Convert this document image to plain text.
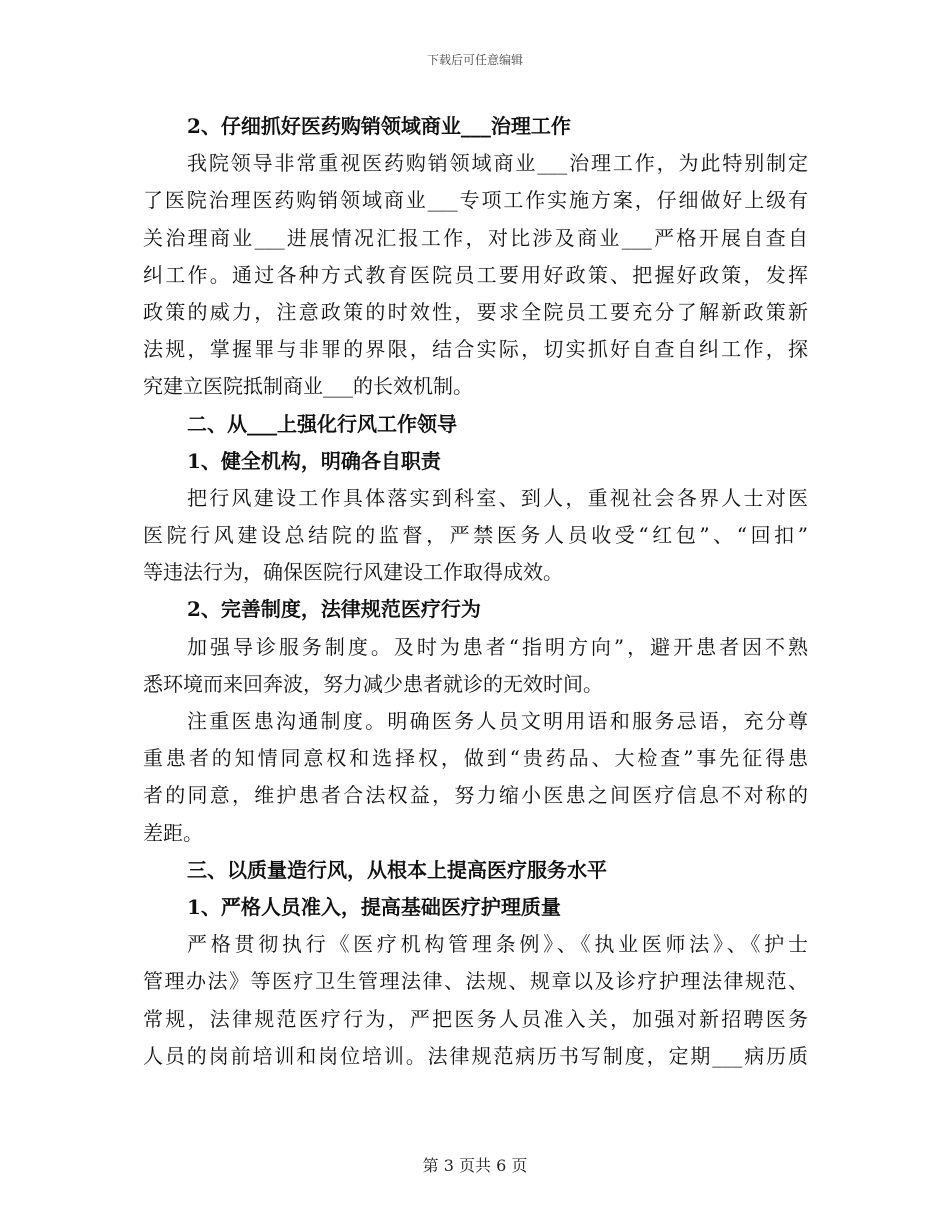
下载后可任意编辑
2、仔细抓好医药购销领域商业___治理工作
我院领导非常重视医药购销领域商业___治理工作，为此特别制定
了医院治理医药购销领域商业___专项工作实施方案，仔细做好上级有
关治理商业___进展情况汇报工作，对比涉及商业___严格开展自查自
纠工作。通过各种方式教育医院员工要用好政策、把握好政策，发挥
政策的威力，注意政策的时效性，要求全院员工要充分了解新政策新
法规，掌握罪与非罪的界限，结合实际，切实抓好自查自纠工作，探
究建立医院抵制商业___的长效机制。
二、从___上强化行风工作领导
1、健全机构，明确各自职责
把行风建设工作具体落实到科室、到人，重视社会各界人士对医
医院行风建设总结院的监督，严禁医务人员收受“红包”、“回扣”
等违法行为，确保医院行风建设工作取得成效。
2、完善制度，法律规范医疗行为
加强导诊服务制度。及时为患者“指明方向”，避开患者因不熟
悉环境而来回奔波，努力减少患者就诊的无效时间。
注重医患沟通制度。明确医务人员文明用语和服务忌语，充分尊
重患者的知情同意权和选择权，做到“贵药品、大检查”事先征得患
者的同意，维护患者合法权益，努力缩小医患之间医疗信息不对称的
差距。
三、以质量造行风，从根本上提高医疗服务水平
1、严格人员准入，提高基础医疗护理质量
严格贯彻执行《医疗机构管理条例》、《执业医师法》、《护士
管理办法》等医疗卫生管理法律、法规、规章以及诊疗护理法律规范、
常规，法律规范医疗行为，严把医务人员准入关，加强对新招聘医务
人员的岗前培训和岗位培训。法律规范病历书写制度，定期___病历质
第 3 页共 6 页
